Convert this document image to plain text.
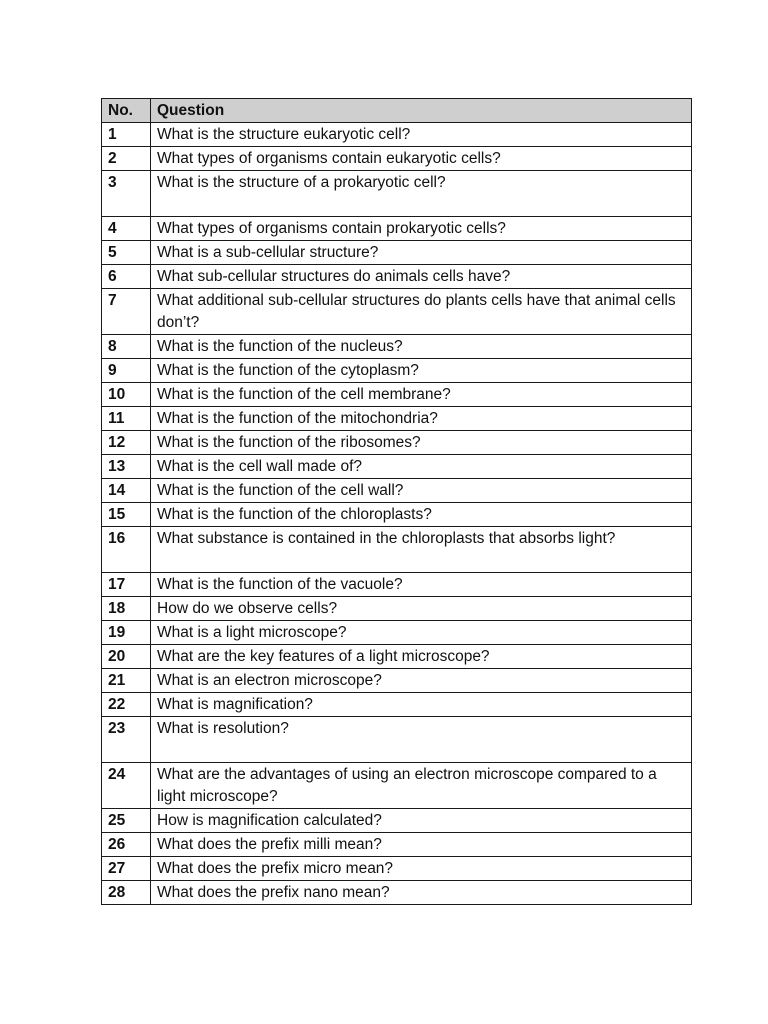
No.	Question
1	What is the structure eukaryotic cell?
2	What types of organisms contain eukaryotic cells?
3	What is the structure of a prokaryotic cell?
4	What types of organisms contain prokaryotic cells?
5	What is a sub-cellular structure?
6	What sub-cellular structures do animals cells have?
7	What additional sub-cellular structures do plants cells have that animal cells don’t?
8	What is the function of the nucleus?
9	What is the function of the cytoplasm?
10	What is the function of the cell membrane?
11	What is the function of the mitochondria?
12	What is the function of the ribosomes?
13	What is the cell wall made of?
14	What is the function of the cell wall?
15	What is the function of the chloroplasts?
16	What substance is contained in the chloroplasts that absorbs light?
17	What is the function of the vacuole?
18	How do we observe cells?
19	What is a light microscope?
20	What are the key features of a light microscope?
21	What is an electron microscope?
22	What is magnification?
23	What is resolution?
24	What are the advantages of using an electron microscope compared to a light microscope?
25	How is magnification calculated?
26	What does the prefix milli mean?
27	What does the prefix micro mean?
28	What does the prefix nano mean?
